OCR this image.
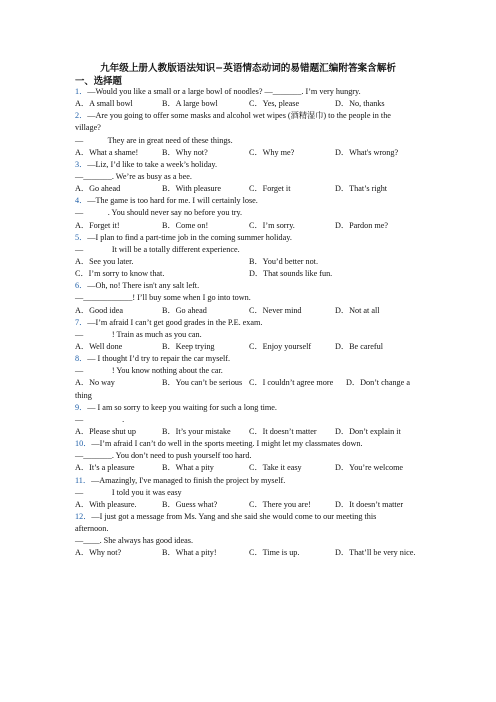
九年级上册人教版语法知识−英语情态动词的易错题汇编附答案含解析
一、选择题
1．—Would you like a small or a large bowl of noodles? —_______. I’m very hungry.
A．A small bowl	B．A large bowl	C．Yes, please	D．No, thanks
2．—Are you going to offer some masks and alcohol wet wipes (酒精湿巾) to the people in the
village?
—            They are in great need of these things.
A．What a shame!	B．Why not?	C．Why me?	D．What's wrong?
3．—Liz, I’d like to take a week’s holiday.
—_______. We’re as busy as a bee.
A．Go ahead	B．With pleasure	C．Forget it	D．That’s right
4．—The game is too hard for me. I will certainly lose.
—            . You should never say no before you try.
A．Forget it!	B．Come on!	C．I’m sorry.	D．Pardon me?
5．—I plan to find a part-time job in the coming summer holiday.
—              It will be a totally different experience.
A．See you later.	B．You’d better not.
C．I’m sorry to know that.	D．That sounds like fun.
6．—Oh, no! There isn't any salt left.
—____________! I’ll buy some when I go into town.
A．Good idea	B．Go ahead	C．Never mind	D．Not at all
7．—I’m afraid I can’t get good grades in the P.E. exam.
—              ! Train as much as you can.
A．Well done	B．Keep trying	C．Enjoy yourself	D．Be careful
8．— I thought I’d try to repair the car myself.
—              ! You know nothing about the car.
A．No way	B．You can’t be serious C．I couldn’t agree more	D．Don’t change a
thing
9．— I am so sorry to keep you waiting for such a long time.
—                   .
A．Please shut up	B．It’s your mistake	C．It doesn’t matter	D．Don’t explain it
10．—I’m afraid I can’t do well in the sports meeting. I might let my classmates down.
—_______. You don’t need to push yourself too hard.
A．It’s a pleasure	B．What a pity	C．Take it easy	D．You’re welcome
11．—Amazingly, I've managed to finish the project by myself.
—              I told you it was easy
A．With pleasure.	B．Guess what?	C．There you are!	D．It doesn’t matter
12．—I just got a message from Ms. Yang and she said she would come to our meeting this
afternoon.
—____. She always has good ideas.
A．Why not?	B．What a pity!	C．Time is up.	D．That’ll be very nice.
